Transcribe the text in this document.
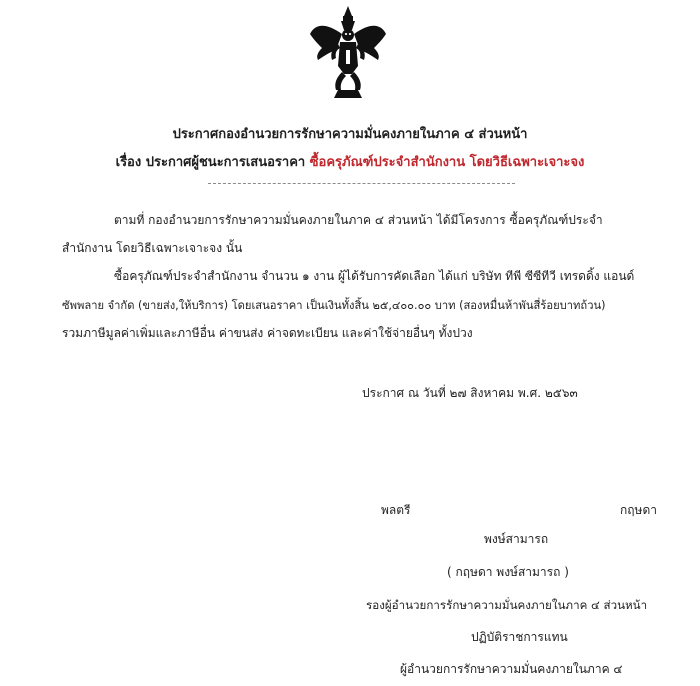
ประกาศกองอำนวยการรักษาความมั่นคงภายในภาค ๔ ส่วนหน้า
เรื่อง ประกาศผู้ชนะการเสนอราคา ซื้อครุภัณฑ์ประจำสำนักงาน โดยวิธีเฉพาะเจาะจง
ตามที่ กองอำนวยการรักษาความมั่นคงภายในภาค ๔ ส่วนหน้า ได้มีโครงการ ซื้อครุภัณฑ์ประจำ
สำนักงาน โดยวิธีเฉพาะเจาะจง นั้น
ซื้อครุภัณฑ์ประจำสำนักงาน จำนวน ๑ งาน ผู้ได้รับการคัดเลือก ได้แก่ บริษัท ทีพี ซีซีทีวี เทรดดิ้ง แอนด์
ซัพพลาย จำกัด (ขายส่ง,ให้บริการ) โดยเสนอราคา เป็นเงินทั้งสิ้น ๒๕,๔๐๐.๐๐ บาท (สองหมื่นห้าพันสี่ร้อยบาทถ้วน)
รวมภาษีมูลค่าเพิ่มและภาษีอื่น ค่าขนส่ง ค่าจดทะเบียน และค่าใช้จ่ายอื่นๆ ทั้งปวง
ประกาศ ณ วันที่ ๒๗ สิงหาคม พ.ศ. ๒๕๖๓
พลตรี	กฤษดา
พงษ์สามารถ
( กฤษดา พงษ์สามารถ )
รองผู้อำนวยการรักษาความมั่นคงภายในภาค ๔ ส่วนหน้า
ปฏิบัติราชการแทน
ผู้อำนวยการรักษาความมั่นคงภายในภาค ๔
